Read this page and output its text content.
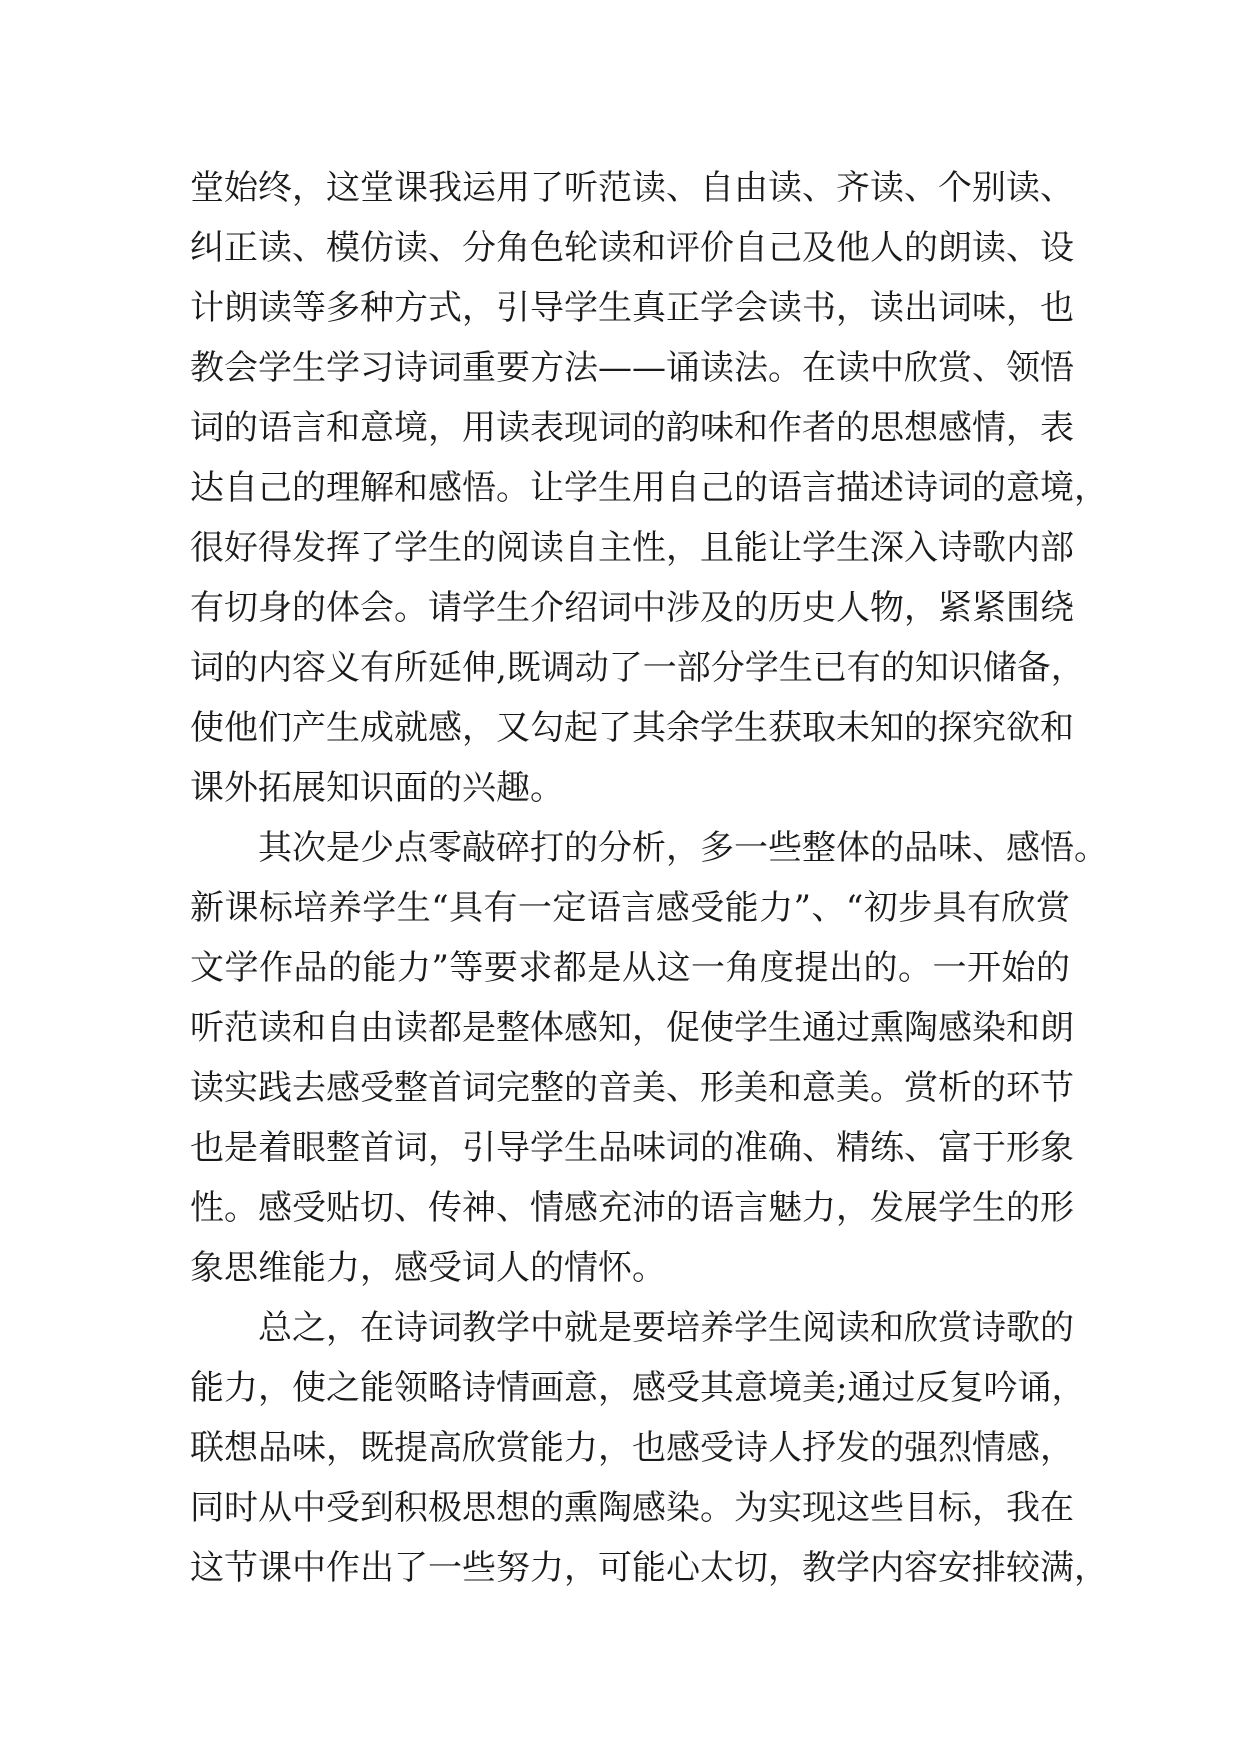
堂始终，这堂课我运用了听范读、自由读、齐读、个别读、
纠正读、模仿读、分角色轮读和评价自己及他人的朗读、设
计朗读等多种方式，引导学生真正学会读书，读出词味，也
教会学生学习诗词重要方法——诵读法。在读中欣赏、领悟
词的语言和意境，用读表现词的韵味和作者的思想感情，表
达自己的理解和感悟。让学生用自己的语言描述诗词的意境，
很好得发挥了学生的阅读自主性，且能让学生深入诗歌内部
有切身的体会。请学生介绍词中涉及的历史人物，紧紧围绕
词的内容义有所延伸,既调动了一部分学生已有的知识储备，
使他们产生成就感，又勾起了其余学生获取未知的探究欲和
课外拓展知识面的兴趣。
其次是少点零敲碎打的分析，多一些整体的品味、感悟。
新课标培养学生“具有一定语言感受能力”、“初步具有欣赏
文学作品的能力”等要求都是从这一角度提出的。一开始的
听范读和自由读都是整体感知，促使学生通过熏陶感染和朗
读实践去感受整首词完整的音美、形美和意美。赏析的环节
也是着眼整首词，引导学生品味词的准确、精练、富于形象
性。感受贴切、传神、情感充沛的语言魅力，发展学生的形
象思维能力，感受词人的情怀。
总之，在诗词教学中就是要培养学生阅读和欣赏诗歌的
能力，使之能领略诗情画意，感受其意境美;通过反复吟诵，
联想品味，既提高欣赏能力，也感受诗人抒发的强烈情感，
同时从中受到积极思想的熏陶感染。为实现这些目标，我在
这节课中作出了一些努力，可能心太切，教学内容安排较满，
